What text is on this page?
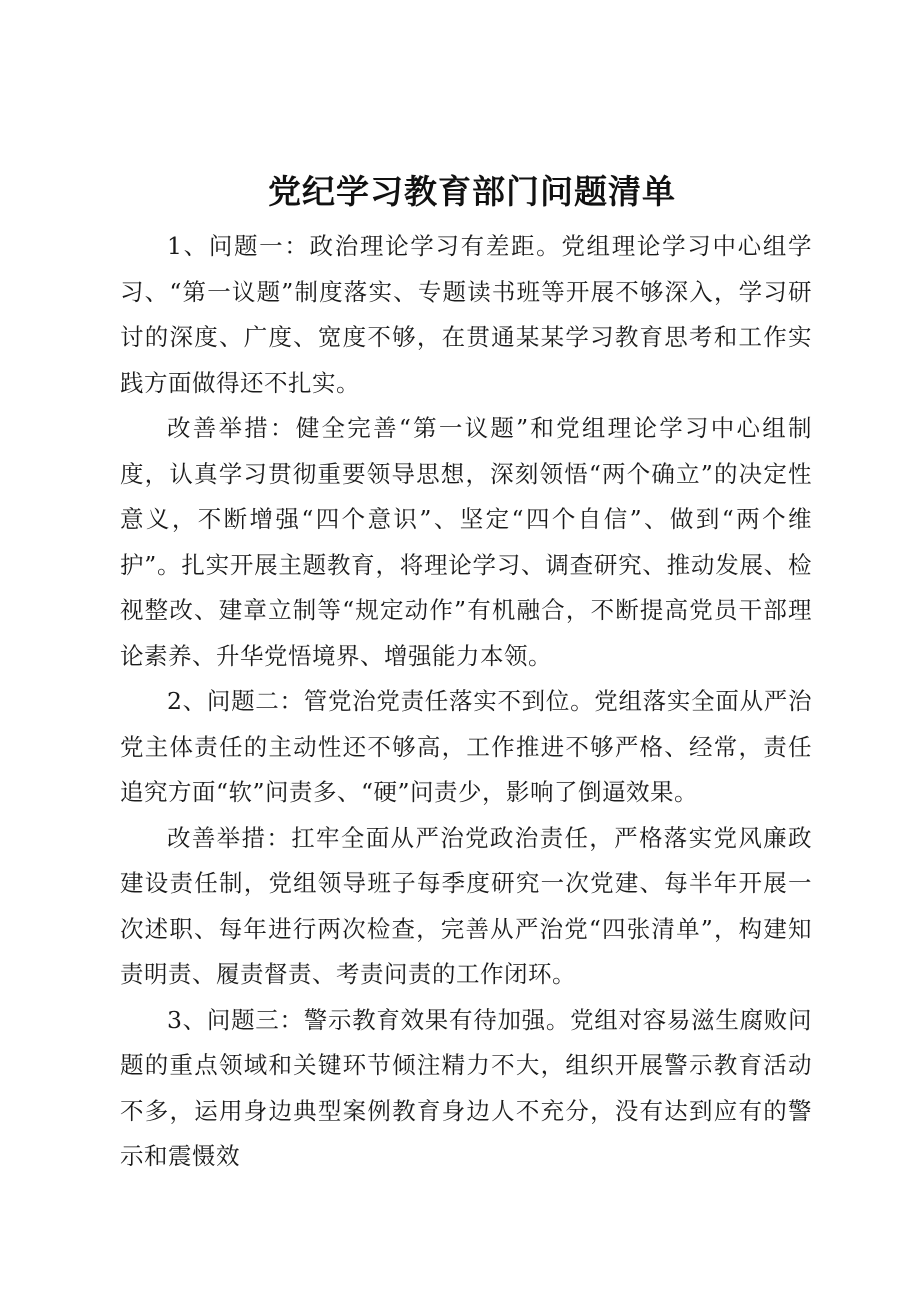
党纪学习教育部门问题清单

1、问题一：政治理论学习有差距。党组理论学习中心组学习、“第一议题”制度落实、专题读书班等开展不够深入，学习研讨的深度、广度、宽度不够，在贯通某某学习教育思考和工作实践方面做得还不扎实。

改善举措：健全完善“第一议题”和党组理论学习中心组制度，认真学习贯彻重要领导思想，深刻领悟“两个确立”的决定性意义，不断增强“四个意识”、坚定“四个自信”、做到“两个维护”。扎实开展主题教育，将理论学习、调查研究、推动发展、检视整改、建章立制等“规定动作”有机融合，不断提高党员干部理论素养、升华党悟境界、增强能力本领。

2、问题二：管党治党责任落实不到位。党组落实全面从严治党主体责任的主动性还不够高，工作推进不够严格、经常，责任追究方面“软”问责多、“硬”问责少，影响了倒逼效果。

改善举措：扛牢全面从严治党政治责任，严格落实党风廉政建设责任制，党组领导班子每季度研究一次党建、每半年开展一次述职、每年进行两次检查，完善从严治党“四张清单”，构建知责明责、履责督责、考责问责的工作闭环。

3、问题三：警示教育效果有待加强。党组对容易滋生腐败问题的重点领域和关键环节倾注精力不大，组织开展警示教育活动不多，运用身边典型案例教育身边人不充分，没有达到应有的警示和震慑效
